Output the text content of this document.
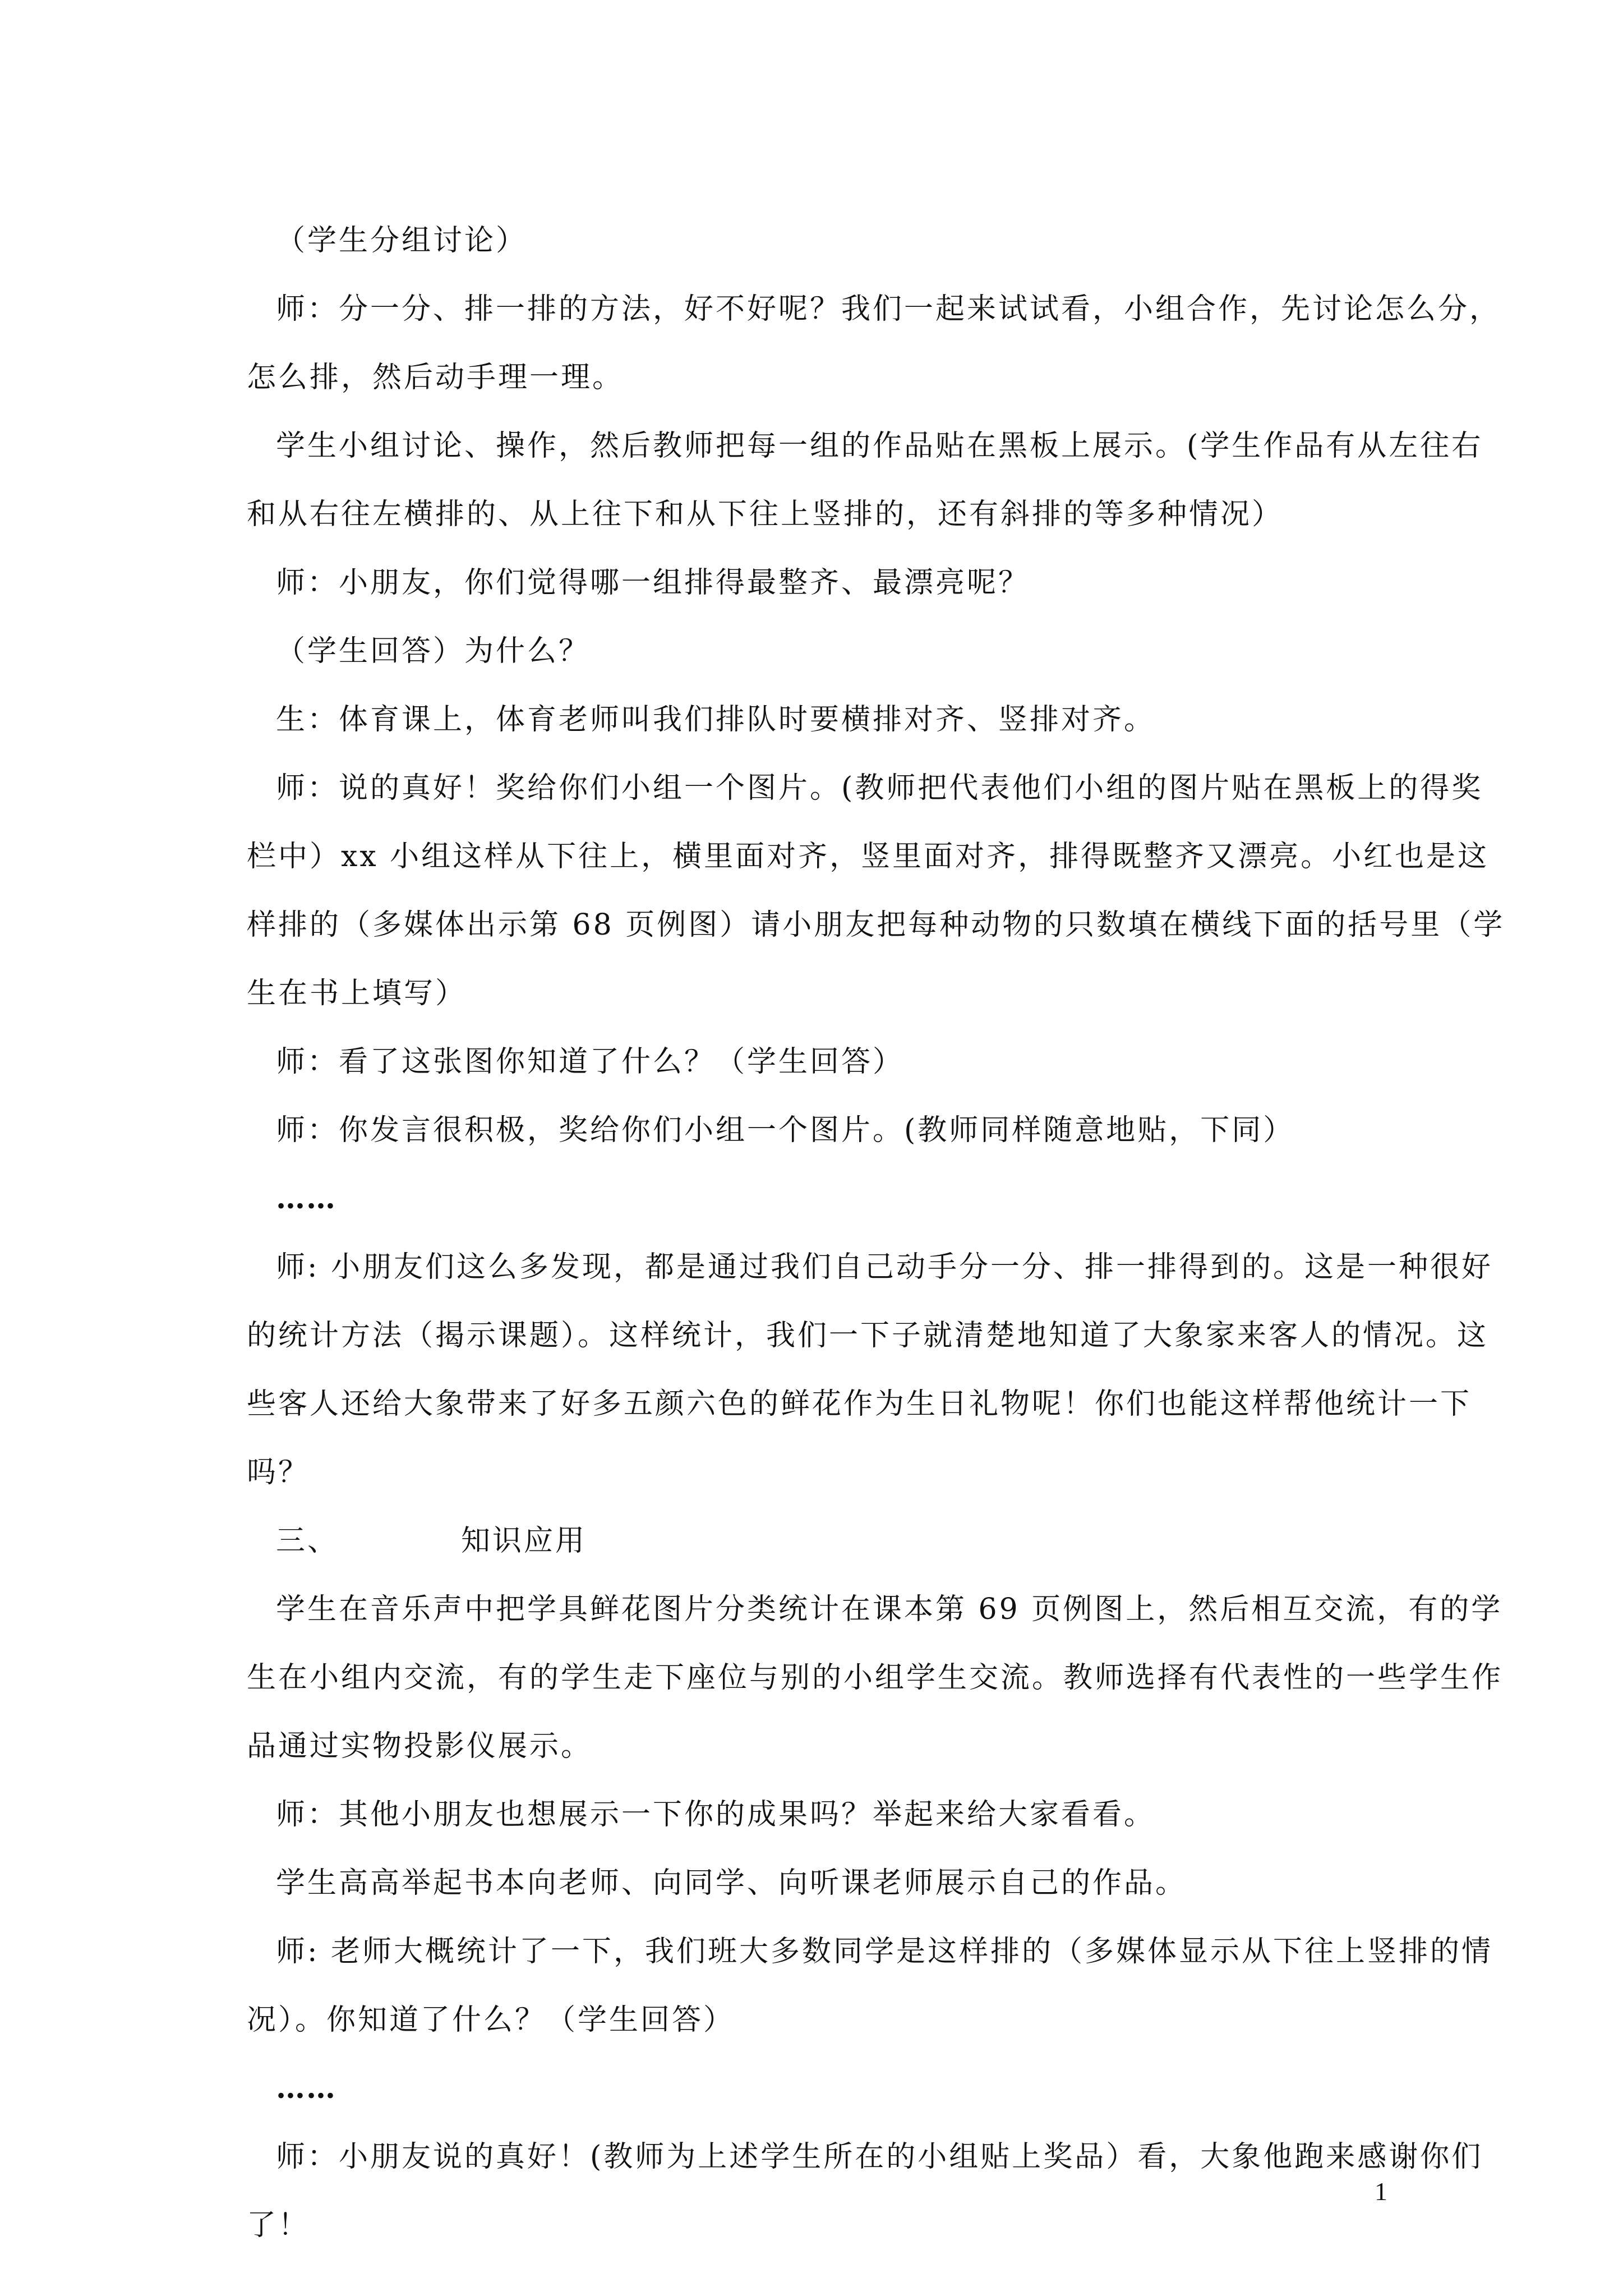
（学生分组讨论）

师：分一分、排一排的方法，好不好呢？我们一起来试试看，小组合作，先讨论怎么分，
怎么排，然后动手理一理。

学生小组讨论、操作，然后教师把每一组的作品贴在黑板上展示。(学生作品有从左往右
和从右往左横排的、从上往下和从下往上竖排的，还有斜排的等多种情况）

师：小朋友，你们觉得哪一组排得最整齐、最漂亮呢？

（学生回答）为什么？

生：体育课上，体育老师叫我们排队时要横排对齐、竖排对齐。

师：说的真好！奖给你们小组一个图片。(教师把代表他们小组的图片贴在黑板上的得奖
栏中）xx 小组这样从下往上，横里面对齐，竖里面对齐，排得既整齐又漂亮。小红也是这
样排的（多媒体出示第 68 页例图）请小朋友把每种动物的只数填在横线下面的括号里（学
生在书上填写）

师：看了这张图你知道了什么？（学生回答）

师：你发言很积极，奖给你们小组一个图片。(教师同样随意地贴，下同）

……

师: 小朋友们这么多发现，都是通过我们自己动手分一分、排一排得到的。这是一种很好
的统计方法（揭示课题）。这样统计，我们一下子就清楚地知道了大象家来客人的情况。这
些客人还给大象带来了好多五颜六色的鲜花作为生日礼物呢！你们也能这样帮他统计一下
吗？

三、	知识应用

学生在音乐声中把学具鲜花图片分类统计在课本第 69 页例图上，然后相互交流，有的学
生在小组内交流，有的学生走下座位与别的小组学生交流。教师选择有代表性的一些学生作
品通过实物投影仪展示。

师：其他小朋友也想展示一下你的成果吗？举起来给大家看看。

学生高高举起书本向老师、向同学、向听课老师展示自己的作品。

师: 老师大概统计了一下，我们班大多数同学是这样排的（多媒体显示从下往上竖排的情
况）。你知道了什么？（学生回答）

……

师：小朋友说的真好！(教师为上述学生所在的小组贴上奖品）看，大象他跑来感谢你们
了！

1
